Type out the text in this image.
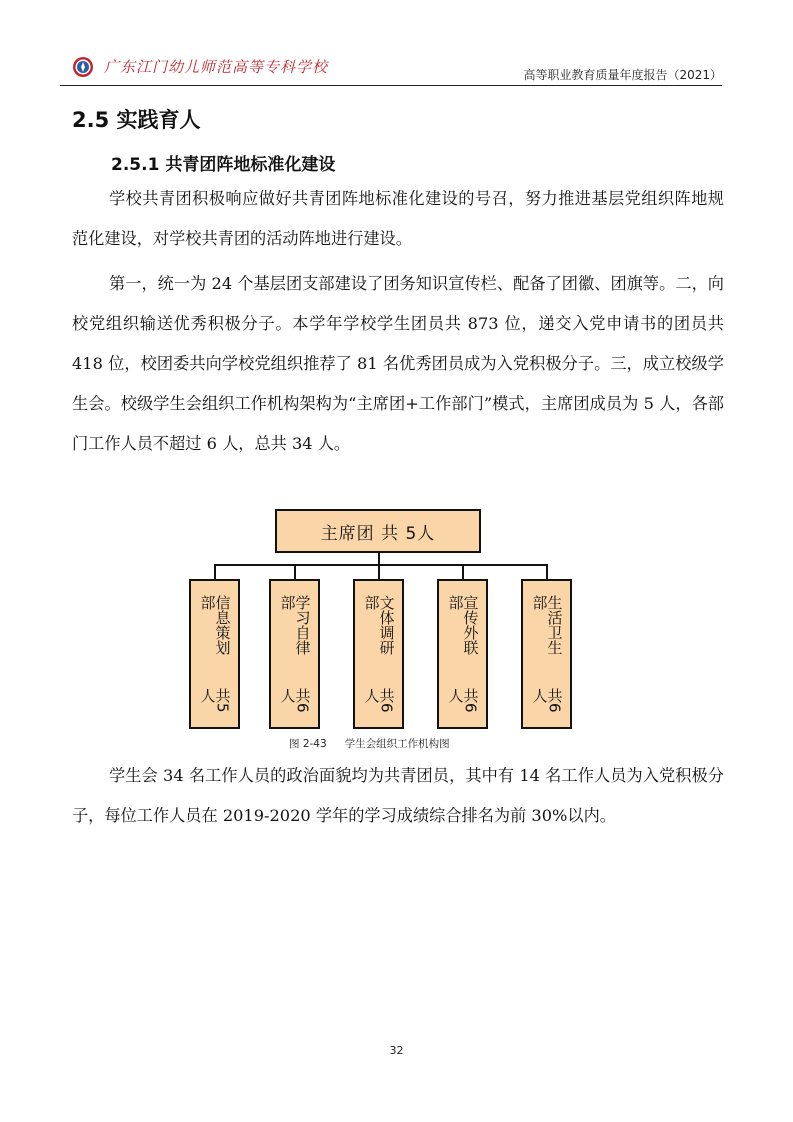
广东江门幼儿师范高等专科学校	高等职业教育质量年度报告（2021）
2.5 实践育人
2.5.1 共青团阵地标准化建设

学校共青团积极响应做好共青团阵地标准化建设的号召，努力推进基层党组织阵地规范化建设，对学校共青团的活动阵地进行建设。

第一，统一为 24 个基层团支部建设了团务知识宣传栏、配备了团徽、团旗等。二，向校党组织输送优秀积极分子。本学年学校学生团员共 873 位，递交入党申请书的团员共 418 位，校团委共向学校党组织推荐了 81 名优秀团员成为入党积极分子。三，成立校级学生会。校级学生会组织工作机构架构为“主席团+工作部门”模式，主席团成员为 5 人，各部门工作人员不超过 6 人，总共 34 人。

主席团 共 5人
信息策划部
共5人
学习自律部
共6人
文体调研部
共6人
宣传外联部
共6人
生活卫生部
共6人
图 2-43 学生会组织工作机构图

学生会 34 名工作人员的政治面貌均为共青团员，其中有 14 名工作人员为入党积极分子，每位工作人员在 2019-2020 学年的学习成绩综合排名为前 30%以内。

32
